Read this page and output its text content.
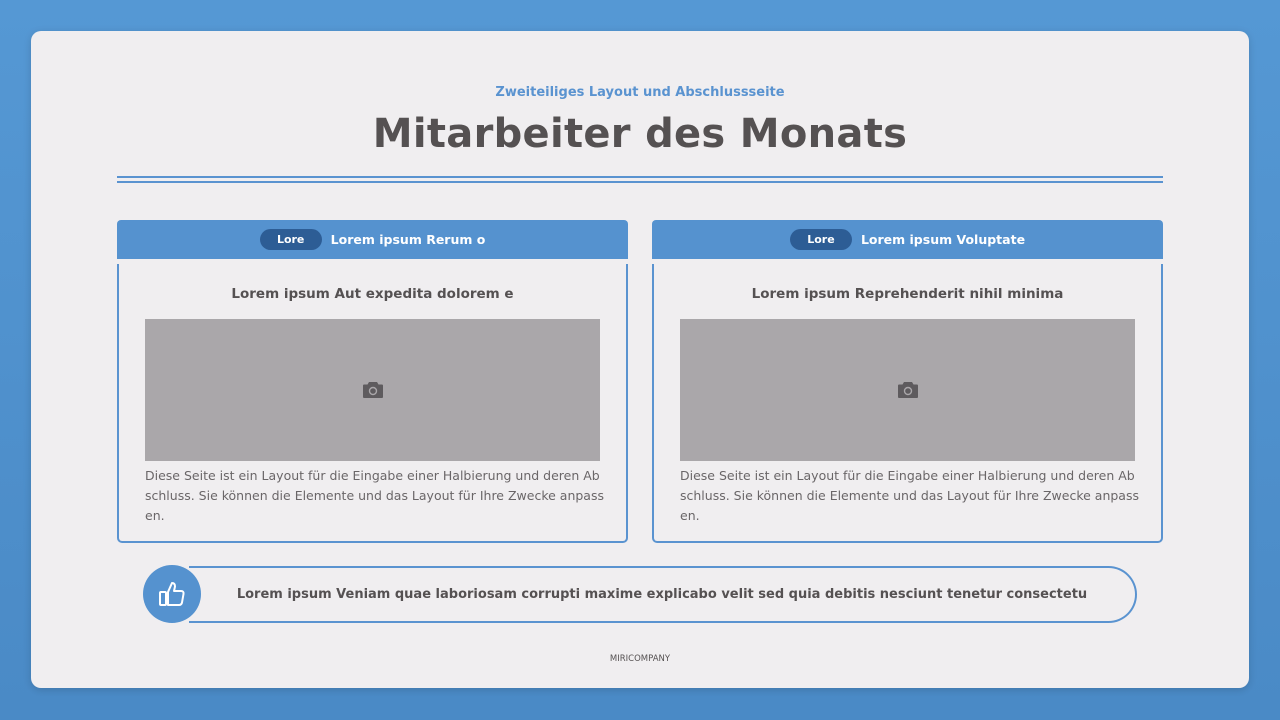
Zweiteiliges Layout und Abschlussseite
Mitarbeiter des Monats
Lore	Lorem ipsum Rerum o
Lorem ipsum Aut expedita dolorem e
Diese Seite ist ein Layout für die Eingabe einer Halbierung und deren Abschluss. Sie können die Elemente und das Layout für Ihre Zwecke anpassen.
Lore	Lorem ipsum Voluptate
Lorem ipsum Reprehenderit nihil minima
Diese Seite ist ein Layout für die Eingabe einer Halbierung und deren Abschluss. Sie können die Elemente und das Layout für Ihre Zwecke anpassen.
Lorem ipsum Veniam quae laboriosam corrupti maxime explicabo velit sed quia debitis nesciunt tenetur consectetu
MIRICOMPANY
